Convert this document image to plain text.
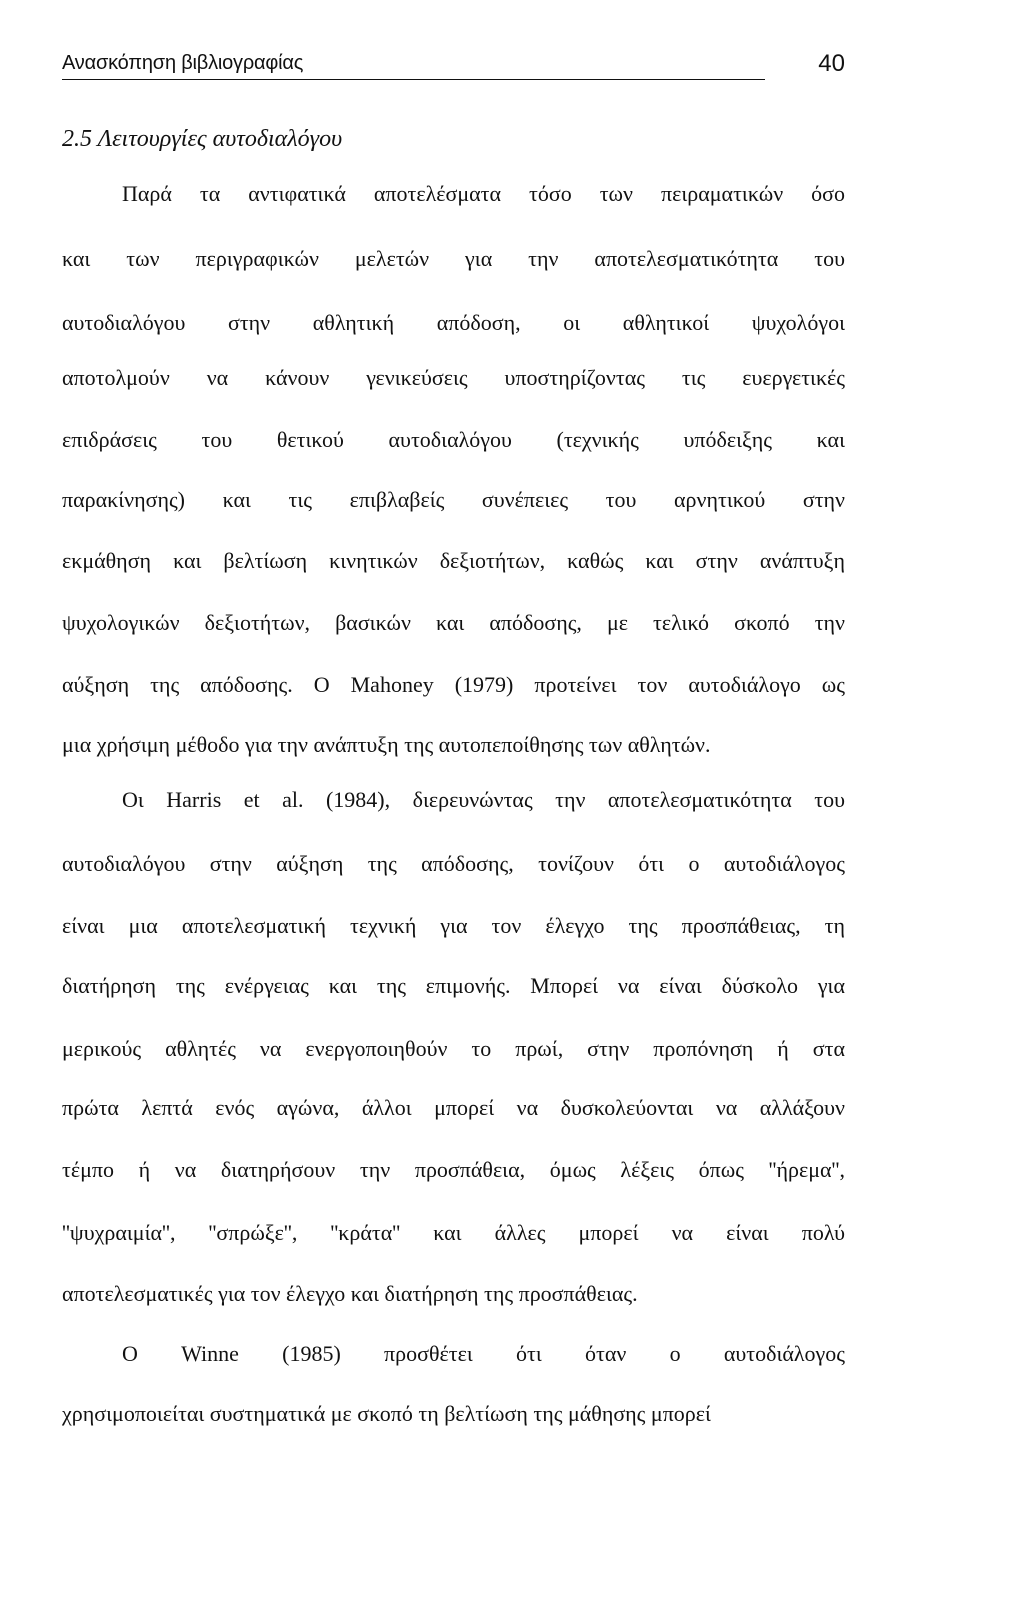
Ανασκόπηση βιβλιογραφίας	40
2.5 Λειτουργίες αυτοδιαλόγου
Παρά τα αντιφατικά αποτελέσματα τόσο των πειραματικών όσο
και των περιγραφικών μελετών για την αποτελεσματικότητα του
αυτοδιαλόγου στην αθλητική απόδοση, οι αθλητικοί ψυχολόγοι
αποτολμούν να κάνουν γενικεύσεις υποστηρίζοντας τις ευεργετικές
επιδράσεις του θετικού αυτοδιαλόγου (τεχνικής υπόδειξης και
παρακίνησης) και τις επιβλαβείς συνέπειες του αρνητικού στην
εκμάθηση και βελτίωση κινητικών δεξιοτήτων, καθώς και στην ανάπτυξη
ψυχολογικών δεξιοτήτων, βασικών και απόδοσης, με τελικό σκοπό την
αύξηση της απόδοσης. Ο Mahoney (1979) προτείνει τον αυτοδιάλογο ως
μια χρήσιμη μέθοδο για την ανάπτυξη της αυτοπεποίθησης των αθλητών.
Οι Harris et al. (1984), διερευνώντας την αποτελεσματικότητα του
αυτοδιαλόγου στην αύξηση της απόδοσης, τονίζουν ότι ο αυτοδιάλογος
είναι μια αποτελεσματική τεχνική για τον έλεγχο της προσπάθειας, τη
διατήρηση της ενέργειας και της επιμονής. Μπορεί να είναι δύσκολο για
μερικούς αθλητές να ενεργοποιηθούν το πρωί, στην προπόνηση ή στα
πρώτα λεπτά ενός αγώνα, άλλοι μπορεί να δυσκολεύονται να αλλάξουν
τέμπο ή να διατηρήσουν την προσπάθεια, όμως λέξεις όπως ''ήρεμα'',
''ψυχραιμία'', ''σπρώξε'', ''κράτα'' και άλλες μπορεί να είναι πολύ
αποτελεσματικές για τον έλεγχο και διατήρηση της προσπάθειας.
Ο Winne (1985) προσθέτει ότι όταν ο αυτοδιάλογος
χρησιμοποιείται συστηματικά με σκοπό τη βελτίωση της μάθησης μπορεί
